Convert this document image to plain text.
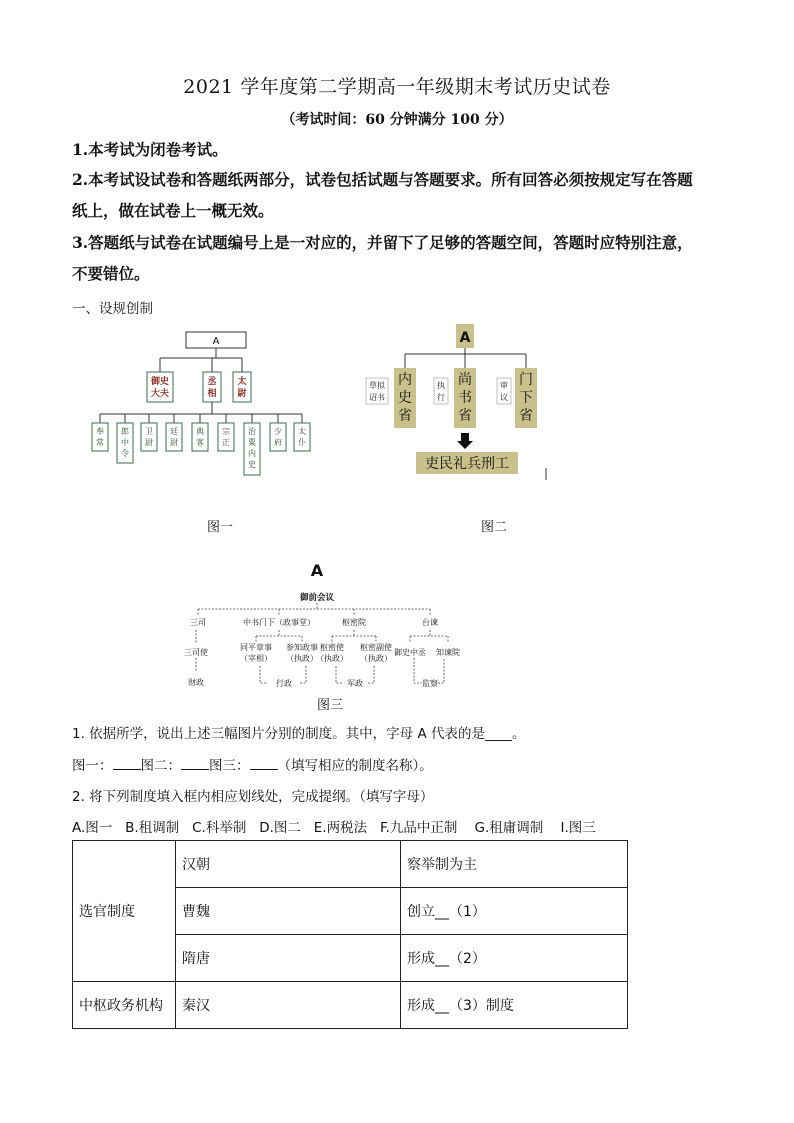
2021 学年度第二学期高一年级期末考试历史试卷
（考试时间：60 分钟满分 100 分）
1.本考试为闭卷考试。
2.本考试设试卷和答题纸两部分，试卷包括试题与答题要求。所有回答必须按规定写在答题
纸上，做在试卷上一概无效。
3.答题纸与试卷在试题编号上是一对应的，并留下了足够的答题空间，答题时应特别注意，
不要错位。
一、设规创制
A
御史大夫
丞相
太尉
奉常
郎中令
卫尉
廷尉
典客
宗正
治粟内史
少府
太仆
图一
A
内史省
尚书省
门下省
草拟诏书
执行
审议
吏民礼兵刑工
图二
A
御前会议
三司	中书门下（政事堂）	枢密院	台谏
三司使
财政
同平章事
（宰相）
参知政事
（执政）
枢密使
（执政）
枢密副使
（执政）
御史中丞 知谏院
行政	军政	监察
图三
1. 依据所学，说出上述三幅图片分别的制度。其中，字母 A 代表的是____。
图一： 图二： 图三： （填写相应的制度名称）。
2. 将下列制度填入框内相应划线处，完成提纲。（填写字母）
A.图一 B.租调制 C.科举制 D.图二 E.两税法 F.九品中正制 G.租庸调制 I.图三
选官制度	汉朝	察举制为主
	曹魏	创立__（1）
	隋唐	形成__（2）
中枢政务机构	秦汉	形成__（3）制度
